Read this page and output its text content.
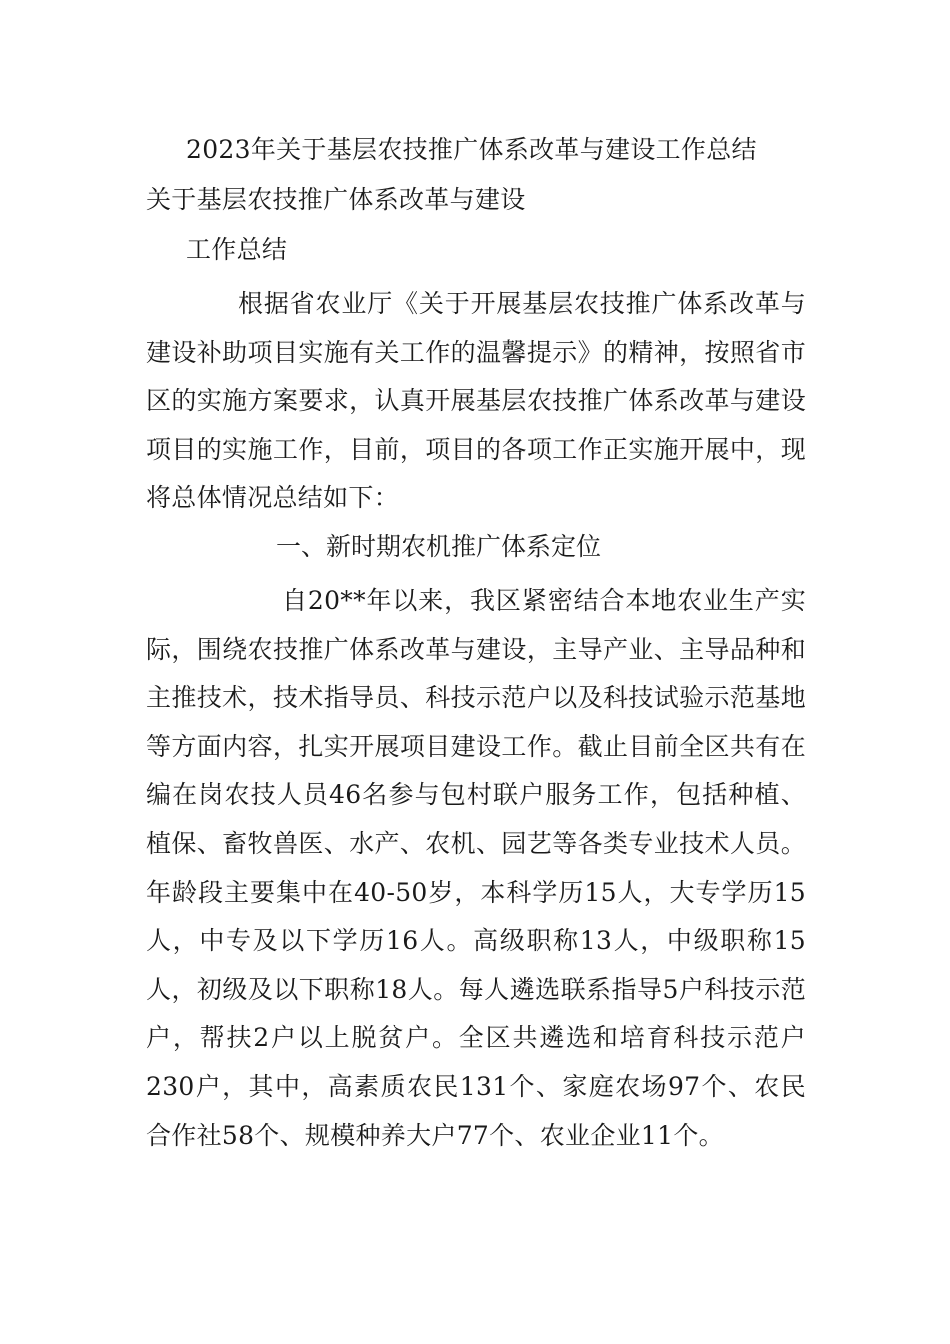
2023年关于基层农技推广体系改革与建设工作总结
关于基层农技推广体系改革与建设
工作总结
根据省农业厅《关于开展基层农技推广体系改革与建设补助项目实施有关工作的温馨提示》的精神，按照省市区的实施方案要求，认真开展基层农技推广体系改革与建设项目的实施工作，目前，项目的各项工作正实施开展中，现将总体情况总结如下：
一、新时期农机推广体系定位
自20**年以来，我区紧密结合本地农业生产实际，围绕农技推广体系改革与建设，主导产业、主导品种和主推技术，技术指导员、科技示范户以及科技试验示范基地等方面内容，扎实开展项目建设工作。截止目前全区共有在编在岗农技人员46名参与包村联户服务工作，包括种植、植保、畜牧兽医、水产、农机、园艺等各类专业技术人员。年龄段主要集中在40-50岁，本科学历15人，大专学历15人，中专及以下学历16人。高级职称13人，中级职称15人，初级及以下职称18人。每人遴选联系指导5户科技示范户，帮扶2户以上脱贫户。全区共遴选和培育科技示范户230户，其中，高素质农民131个、家庭农场97个、农民合作社58个、规模种养大户77个、农业企业11个。
